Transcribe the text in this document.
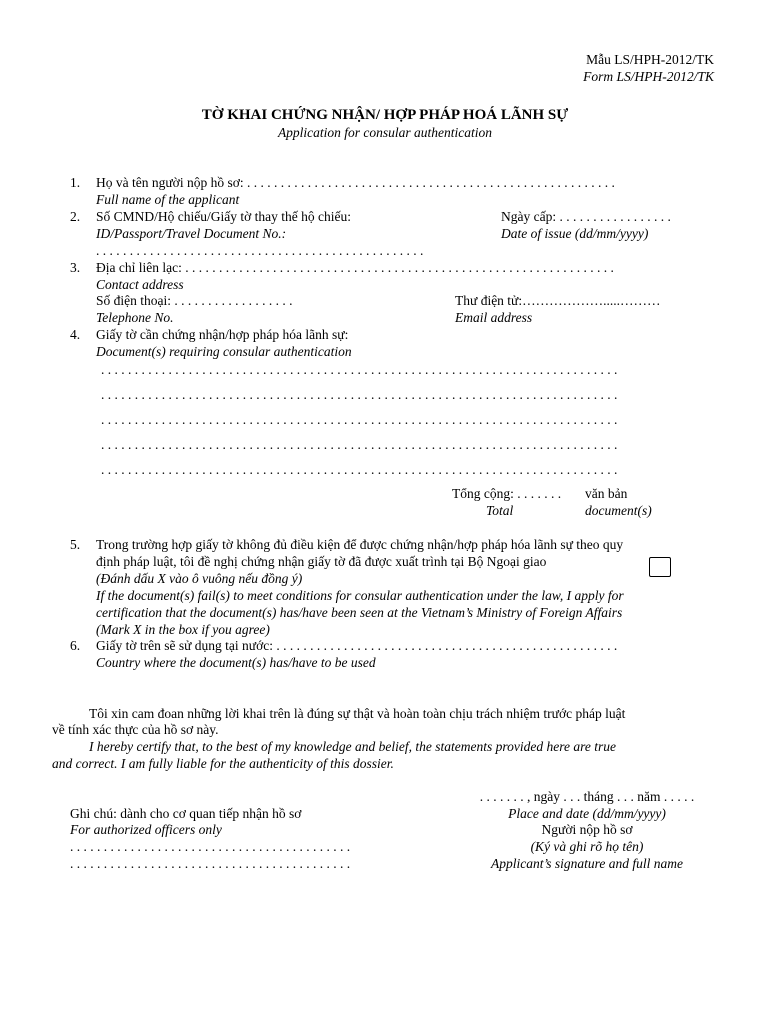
Mẫu LS/HPH-2012/TK
Form LS/HPH-2012/TK
TỜ KHAI CHỨNG NHẬN/ HỢP PHÁP HOÁ LÃNH SỰ
Application for consular authentication
1. Họ và tên người nộp hồ sơ: . . . . . . . . . . . . . . . . . . . . . . . . . . . . . . . . . . . . . . . . . . . . . . . . . . . . . . .
Full name of the applicant
2. Số CMND/Hộ chiếu/Giấy tờ thay thế hộ chiếu:	Ngày cấp: . . . . . . . . . . . . . . . . .
ID/Passport/Travel Document No.:	Date of issue (dd/mm/yyyy)
. . . . . . . . . . . . . . . . . . . . . . . . . . . . . . . . . . . . . . . . . . . . . . . . .
3. Địa chỉ liên lạc: . . . . . . . . . . . . . . . . . . . . . . . . . . . . . . . . . . . . . . . . . . . . . . . . . . . . . . . . . . . . . . . .
Contact address
Số điện thoại: . . . . . . . . . . . . . . . . . .	Thư điện tử:……………….....………
Telephone No.	Email address
4. Giấy tờ cần chứng nhận/hợp pháp hóa lãnh sự:
Document(s) requiring consular authentication
. . . . . . . . . . . . . . . . . . . . . . . . . . . . . . . . . . . . . . . . . . . . . . . . . . . . . . . . . . . . . . . . . . . . . . . . . . . . .
. . . . . . . . . . . . . . . . . . . . . . . . . . . . . . . . . . . . . . . . . . . . . . . . . . . . . . . . . . . . . . . . . . . . . . . . . . . . .
. . . . . . . . . . . . . . . . . . . . . . . . . . . . . . . . . . . . . . . . . . . . . . . . . . . . . . . . . . . . . . . . . . . . . . . . . . . . .
. . . . . . . . . . . . . . . . . . . . . . . . . . . . . . . . . . . . . . . . . . . . . . . . . . . . . . . . . . . . . . . . . . . . . . . . . . . . .
. . . . . . . . . . . . . . . . . . . . . . . . . . . . . . . . . . . . . . . . . . . . . . . . . . . . . . . . . . . . . . . . . . . . . . . . . . . . .
Tổng cộng: . . . . . . . văn bản
Total	document(s)
5. Trong trường hợp giấy tờ không đủ điều kiện để được chứng nhận/hợp pháp hóa lãnh sự theo quy
định pháp luật, tôi đề nghị chứng nhận giấy tờ đã được xuất trình tại Bộ Ngoại giao
(Đánh dấu X vào ô vuông nếu đồng ý)
If the document(s) fail(s) to meet conditions for consular authentication under the law, I apply for
certification that the document(s) has/have been seen at the Vietnam’s Ministry of Foreign Affairs
(Mark X in the box if you agree)
6. Giấy tờ trên sẽ sử dụng tại nước: . . . . . . . . . . . . . . . . . . . . . . . . . . . . . . . . . . . . . . . . . . . . . . . . . . .
Country where the document(s) has/have to be used
Tôi xin cam đoan những lời khai trên là đúng sự thật và hoàn toàn chịu trách nhiệm trước pháp luật
về tính xác thực của hồ sơ này.
I hereby certify that, to the best of my knowledge and belief, the statements provided here are true
and correct. I am fully liable for the authenticity of this dossier.
. . . . . . . , ngày . . . tháng . . . năm . . . . .
Place and date (dd/mm/yyyy)
Người nộp hồ sơ
(Ký và ghi rõ họ tên)
Applicant’s signature and full name
Ghi chú: dành cho cơ quan tiếp nhận hồ sơ
For authorized officers only
. . . . . . . . . . . . . . . . . . . . . . . . . . . . . . . . . . . . . . . . . .
. . . . . . . . . . . . . . . . . . . . . . . . . . . . . . . . . . . . . . . . . .
